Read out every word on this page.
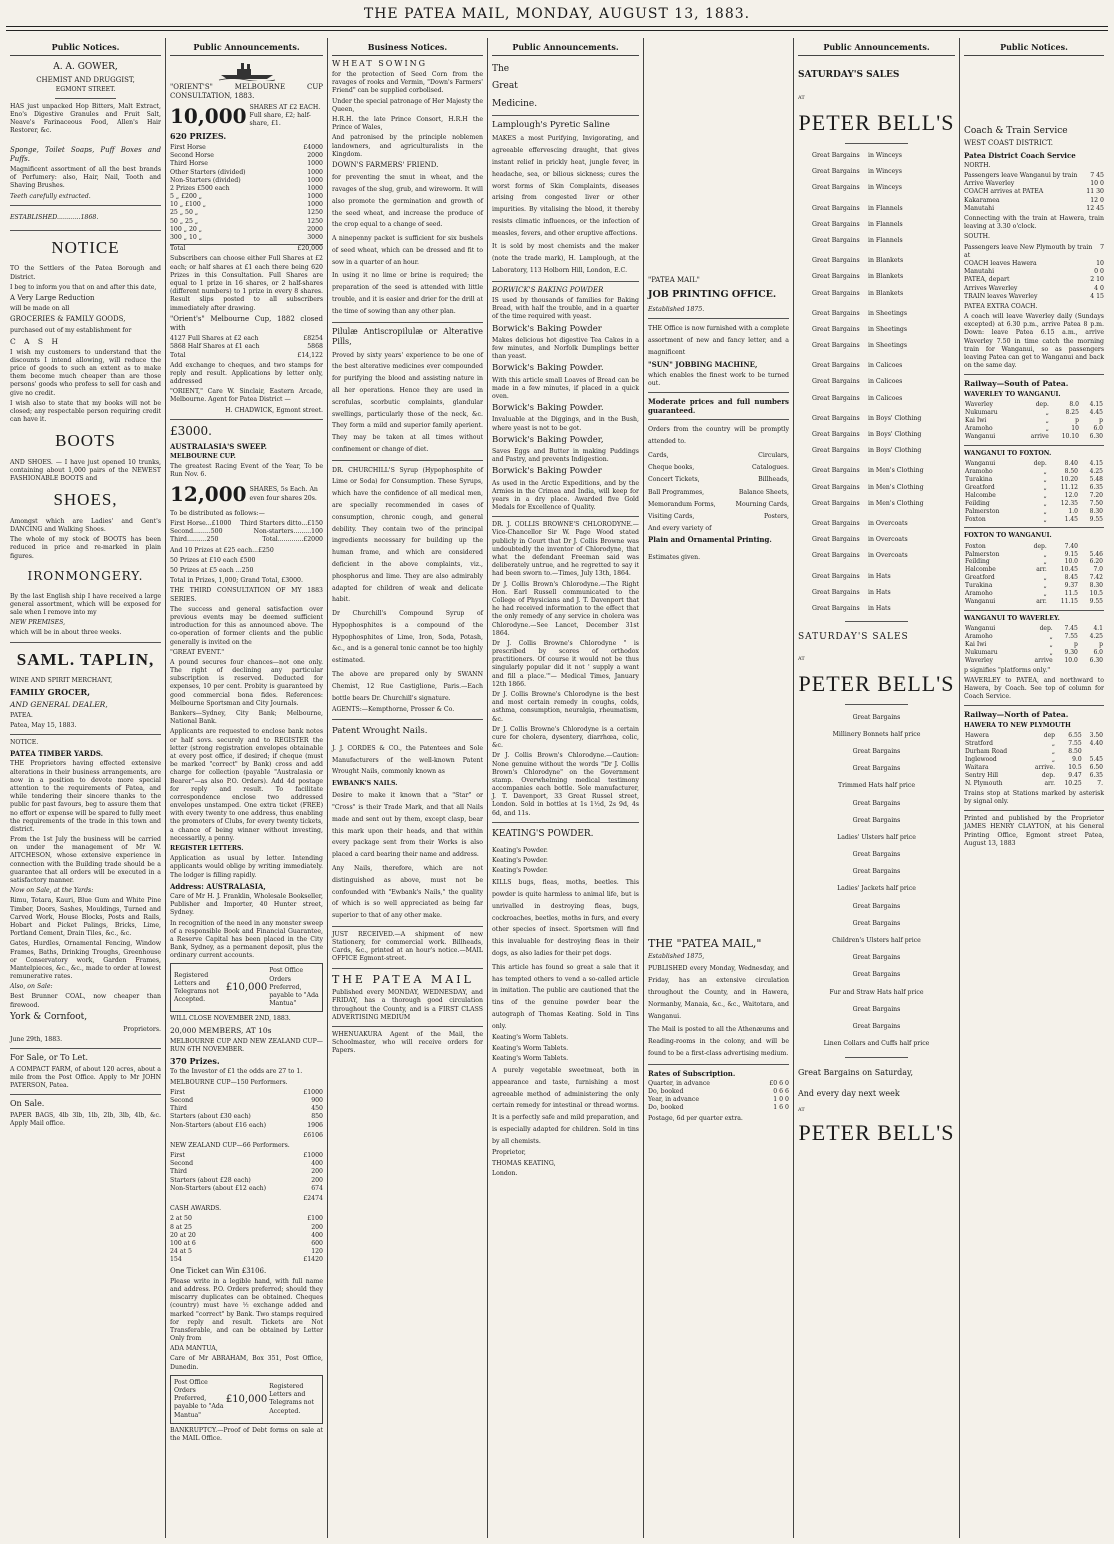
THE PATEA MAIL, MONDAY, AUGUST 13, 1883.
Public Notices.
A. A. GOWER,
CHEMIST AND DRUGGIST,
EGMONT STREET.

HAS just unpacked Hop Bitters, Malt Extract, Eno's Digestive Granules and Fruit Salt, Neave's Farinaceous Food, Allen's Hair Restorer, &c.

Sponge, Toilet Soaps, Puff Boxes and Puffs.

Magnificent assortment of all the best brands of Perfumery: also, Hair, Nail, Tooth and Shaving Brushes.

Teeth carefully extracted.

ESTABLISHED............1868.

NOTICE

TO the Settlers of the Patea Borough and District.

I beg to inform you that on and after this date,

A Very Large Reduction

will be made on all

GROCERIES & FAMILY GOODS,

purchased out of my establishment for

C A S H

I wish my customers to understand that the discounts I intend allowing, will reduce the price of goods to such an extent as to make them become much cheaper than are those persons' goods who profess to sell for cash and give no credit.

I wish also to state that my books will not be closed; any respectable person requiring credit can have it.

BOOTS

AND SHOES. — I have just opened 10 trunks, containing about 1,000 pairs of the NEWEST FASHIONABLE BOOTS and

SHOES,

Amongst which are Ladies' and Gent's DANCING and Walking Shoes.

The whole of my stock of BOOTS has been reduced in price and re-marked in plain figures.

IRONMONGERY.

By the last English ship I have received a large general assortment, which will be exposed for sale when I remove into my

NEW PREMISES,

which will be in about three weeks.

SAML. TAPLIN,

WINE AND SPIRIT MERCHANT,

FAMILY GROCER,

AND GENERAL DEALER,

PATEA.

Patea, May 15, 1883.

NOTICE.

PATEA TIMBER YARDS.

THE Proprietors having effected extensive alterations in their business arrangements, are now in a position to devote more special attention to the requirements of Patea, and while tendering their sincere thanks to the public for past favours, beg to assure them that no effort or expense will be spared to fully meet the requirements of the trade in this town and district.

From the 1st July the business will be carried on under the management of Mr W. AITCHESON, whose extensive experience in connection with the Building trade should be a guarantee that all orders will be executed in a satisfactory manner.

Now on Sale, at the Yards:

Rimu, Totara, Kauri, Blue Gum and White Pine Timber, Doors, Sashes, Mouldings, Turned and Carved Work, House Blocks, Posts and Rails, Hobart and Picket Palings, Bricks, Lime, Portland Cement, Drain Tiles, &c., &c.

Gates, Hurdles, Ornamental Fencing, Window Frames, Baths, Drinking Troughs, Greenhouse or Conservatory work, Garden Frames, Mantelpieces, &c., &c., made to order at lowest remunerative rates.

Also, on Sale:

Best Brunner COAL, now cheaper than firewood.

York & Cornfoot,

Proprietors.

June 29th, 1883.

For Sale, or To Let.

A COMPACT FARM, of about 120 acres, about a mile from the Post Office. Apply to Mr JOHN PATERSON, Patea.

On Sale.

PAPER BAGS, 4lb 3lb, 1lb, 2lb, 3lb, 4lb, &c. Apply Mail office.

Public Announcements.

"ORIENT'S" MELBOURNE CUP CONSULTATION, 1883.

10,000 SHARES AT £2 EACH. Full share, £2; half-share, £1.

620 PRIZES.

First Horse	£4000
Second Horse	2000
Third Horse	1000
Other Starters (divided)	1000
Non-Starters (divided)	1000
2 Prizes £500 each	1000
5 „ £200 „	1000
10 „ £100 „	1000
25 „ 50 „	1250
50 „ 25 „	1250
100 „ 20 „	2000
300 „ 10 „	3000
Total	£20,000

Subscribers can choose either Full Shares at £2 each; or half shares at £1 each there being 620 Prizes in this Consultation. Full Shares are equal to 1 prize in 16 shares, or 2 half-shares (different numbers) to 1 prize in every 8 shares. Result slips posted to all subscribers immediately after drawing.

"Orient's" Melbourne Cup, 1882 closed with

4127 Full Shares at £2 each	£8254
5868 Half Shares at £1 each	5868
Total	£14,122

Add exchange to cheques, and two stamps for reply and result. Applications by letter only, addressed

"ORIENT," Care W. Sinclair, Eastern Arcade, Melbourne. Agent for Patea District —

H. CHADWICK, Egmont street.

£3000.

AUSTRALASIA'S SWEEP.

MELBOURNE CUP.

The greatest Racing Event of the Year, To be Run Nov. 6.

12,000 SHARES, 5s Each. An even four shares 20s.

To be distributed as follows:—

First Horse...£1000 Third Starters ditto...£150
Second.........500	Non-starters.........100
Third..........250	Total.............£2000

And 10 Prizes at £25 each...£250

50 Prizes at £10 each £500

50 Prizes at £5 each ...250

Total in Prizes, 1,000; Grand Total, £3000.

THE THIRD CONSULTATION OF MY 1883 SERIES.

The success and general satisfaction over previous events may be deemed sufficient introduction for this as announced above. The co-operation of former clients and the public generally is invited on the

"GREAT EVENT."

A pound secures four chances—not one only. The right of declining any particular subscription is reserved. Deducted for expenses, 10 per cent. Probity is guaranteed by good commercial bona fides. References: Melbourne Sportsman and City Journals.

Bankers—Sydney, City Bank; Melbourne, National Bank.

Applicants are requested to enclose bank notes or half sovs. securely and to REGISTER the letter (strong registration envelopes obtainable at every post office, if desired; if cheque (must be marked "correct" by Bank) cross and add charge for collection (payable "Australasia or Bearer"—as also P.O. Orders). Add 4d postage for reply and result. To facilitate correspondence enclose two addressed envelopes unstamped. One extra ticket (FREE) with every twenty to one address, thus enabling the promoters of Clubs, for every twenty tickets, a chance of being winner without investing, necessarily, a penny.

REGISTER LETTERS.

Application as usual by letter. Intending applicants would oblige by writing immediately. The lodger is filling rapidly.

Address: AUSTRALASIA,

Care of Mr H. J. Franklin, Wholesale Bookseller, Publisher and Importer, 40 Hunter street, Sydney.

In recognition of the need in any monster sweep of a responsible Book and Financial Guarantee, a Reserve Capital has been placed in the City Bank, Sydney, as a permanent deposit, plus the ordinary current accounts.

Registered Letters and Telegrams not Accepted.
£10,000
Post Office Orders Preferred, payable to "Ada Mantua"

WILL CLOSE NOVEMBER 2ND, 1883.

20,000 MEMBERS, AT 10s

MELBOURNE CUP AND NEW ZEALAND CUP—RUN 6TH NOVEMBER.

370 Prizes.

To the Investor of £1 the odds are 27 to 1.

MELBOURNE CUP—150 Performers.

First	£1000
Second	900
Third	450
Starters (about £30 each)	850
Non-Starters (about £16 each)	1906

£6106

NEW ZEALAND CUP—66 Performers.

First	£1000
Second	400
Third	200
Starters (about £28 each)	200
Non-Starters (about £12 each)	674

£2474

CASH AWARDS.

2 at 50	£100
8 at 25	200
20 at 20	400
100 at 6	600
24 at 5	120
154	£1420

One Ticket can Win £3106.

Please write in a legible hand, with full name and address. P.O. Orders preferred; should they miscarry duplicates can be obtained. Cheques (country) must have ½ exchange added and marked "correct" by Bank. Two stamps required for reply and result. Tickets are Not Transferable, and can be obtained by Letter Only from

ADA MANTUA,

Care of Mr ABRAHAM, Box 351, Post Office, Dunedin.

Post Office Orders Preferred, payable to "Ada Mantua"
£10,000
Registered Letters and Telegrams not Accepted.

BANKRUPTCY.—Proof of Debt forms on sale at the MAIL Office.

Business Notices.

WHEAT SOWING

for the protection of Seed Corn from the ravages of rooks and Vermin, "Down's Farmers' Friend" can be supplied corbolised.

Under the special patronage of Her Majesty the Queen,

H.R.H. the late Prince Consort, H.R.H the Prince of Wales,

And patronised by the principle noblemen landowners, and agriculturalists in the Kingdom.

DOWN'S FARMERS' FRIEND.

for preventing the smut in wheat, and the ravages of the slug, grub, and wireworm. It will also promote the germination and growth of the seed wheat, and increase the produce of the crop equal to a change of seed.

A ninepenny packet is sufficient for six bushels of seed wheat, which can be dressed and fit to sow in a quarter of an hour.

In using it no lime or brine is required; the preparation of the seed is attended with little trouble, and it is easier and drier for the drill at the time of sowing than any other plan.

Pilulæ Antiscropilulæ or Alterative Pills,

Proved by sixty years' experience to be one of the best alterative medicines ever compounded for purifying the blood and assisting nature in all her operations. Hence they are used in scrofulas, scorbutic complaints, glandular swellings, particularly those of the neck, &c. They form a mild and superior family aperient. They may be taken at all times without confinement or change of diet.

DR. CHURCHILL'S Syrup (Hypophosphite of Lime or Soda) for Consumption. These Syrups, which have the confidence of all medical men, are specially recommended in cases of consumption, chronic cough, and general debility. They contain two of the principal ingredients necessary for building up the human frame, and which are considered deficient in the above complaints, viz., phosphorus and lime. They are also admirably adapted for children of weak and delicate habit.

Dr Churchill's Compound Syrup of Hypophosphites is a compound of the Hypophosphites of Lime, Iron, Soda, Potash, &c., and is a general tonic cannot be too highly estimated.

The above are prepared only by SWANN Chemist, 12 Rue Castiglione, Paris.—Each bottle bears Dr. Churchill's signature.

AGENTS:—Kempthorne, Prosser & Co.

Patent Wrought Nails.

J. J. CORDES & CO., the Patentees and Sole Manufacturers of the well-known Patent Wrought Nails, commonly known as

EWBANK'S NAILS.

Desire to make it known that a "Star" or "Cross" is their Trade Mark, and that all Nails made and sent out by them, except clasp, bear this mark upon their heads, and that within every package sent from their Works is also placed a card bearing their name and address.

Any Nails, therefore, which are not distinguished as above, must not be confounded with "Ewbank's Nails," the quality of which is so well appreciated as being far superior to that of any other make.

JUST RECEIVED.—A shipment of new Stationery, for commercial work. Billheads, Cards, &c., printed at an hour's notice.—MAIL OFFICE Egmont-street.

THE PATEA MAIL

Published every MONDAY, WEDNESDAY, and FRIDAY, has a thorough good circulation throughout the County, and is a FIRST CLASS ADVERTISING MEDIUM

WHENUAKURA Agent of the Mail, the Schoolmaster, who will receive orders for Papers.

Public Announcements.

The

Great

Medicine.

Lamplough's Pyretic Saline

MAKES a most Purifying, Invigorating, and agreeable effervescing draught, that gives instant relief in prickly heat, jungle fever, in headache, sea, or bilious sickness; cures the worst forms of Skin Complaints, diseases arising from congested liver or other impurities. By vitalising the blood, it thereby resists climatic influences, or the infection of measles, fevers, and other eruptive affections.

It is sold by most chemists and the maker (note the trade mark), H. Lamplough, at the Laboratory, 113 Holborn Hill, London, E.C.

BORWICK'S BAKING POWDER

IS used by thousands of families for Baking Bread, with half the trouble, and in a quarter of the time required with yeast.

Borwick's Baking Powder

Makes delicious hot digestive Tea Cakes in a few minutes, and Norfolk Dumplings better than yeast.

Borwick's Baking Powder.

With this article small Loaves of Bread can be made in a few minutes, if placed in a quick oven.

Borwick's Baking Powder.

Invaluable at the Diggings, and in the Bush, where yeast is not to be got.

Borwick's Baking Powder,

Saves Eggs and Butter in making Puddings and Pastry, and prevents Indigestion.

Borwick's Baking Powder

As used in the Arctic Expeditions, and by the Armies in the Crimea and India, will keep for years in a dry place. Awarded five Gold Medals for Excellence of Quality.

DR. J. COLLIS BROWNE'S CHLORODYNE.—Vice-Chancellor Sir W. Page Wood stated publicly in Court that Dr J. Collis Browne was undoubtedly the inventor of Chlorodyne, that what the defendant Freeman said was deliberately untrue, and he regretted to say it had been sworn to.—Times, July 13th, 1864.

Dr J. Collis Brown's Chlorodyne.—The Right Hon. Earl Russell communicated to the College of Physicians and J. T. Davenport that he had received information to the effect that the only remedy of any service in cholera was Chlorodyne.—See Lancet, December 31st 1864.

Dr J. Collis Browne's Chlorodyne " is prescribed by scores of orthodox practitioners. Of course it would not be thus singularly popular did it not ' supply a want and fill a place.'"— Medical Times, January 12th 1866.

Dr J. Collis Browne's Chlorodyne is the best and most certain remedy in coughs, colds, asthma, consumption, neuralgia, rheumatism, &c.

Dr J. Collis Browne's Chlorodyne is a certain cure for cholera, dysentery, diarrhœa, colic, &c.

Dr J. Collis Brown's Chlorodyne.—Caution: None genuine without the words "Dr J. Collis Brown's Chlorodyne" on the Government stamp. Overwhelming medical testimony accompanies each bottle. Sole manufacturer, J. T. Davenport, 33 Great Russel street, London. Sold in bottles at 1s 1½d, 2s 9d, 4s 6d, and 11s.

KEATING'S POWDER.

Keating's Powder.

Keating's Powder.

Keating's Powder.

KILLS bugs, fleas, moths, beetles. This powder is quite harmless to animal life, but is unrivalled in destroying fleas, bugs, cockroaches, beetles, moths in furs, and every other species of insect. Sportsmen will find this invaluable for destroying fleas in their dogs, as also ladies for their pet dogs.

This article has found so great a sale that it has tempted others to vend a so-called article in imitation. The public are cautioned that the tins of the genuine powder bear the autograph of Thomas Keating. Sold in Tins only.

Keating's Worm Tablets.

Keating's Worm Tablets.

Keating's Worm Tablets.

A purely vegetable sweetmeat, both in appearance and taste, furnishing a most agreeable method of administering the only certain remedy for intestinal or thread worms. It is a perfectly safe and mild preparation, and is especially adapted for children. Sold in tins by all chemists.

Proprietor,

THOMAS KEATING,

London.

"PATEA MAIL"

JOB PRINTING OFFICE.

Established 1875.

THE Office is now furnished with a complete assortment of new and fancy letter, and a magnificent

"SUN" JOBBING MACHINE,

which enables the finest work to be turned out.

Moderate prices and full numbers guaranteed.

Orders from the country will be promptly attended to.

Cards,	Circulars,
Cheque books,	Catalogues.
Concert Tickets,	Billheads,
Ball Programmes,	Balance Sheets,
Memorandum Forms,	Mourning Cards,
Visiting Cards,	Posters,

And every variety of

Plain and Ornamental Printing.

Estimates given.

THE "PATEA MAIL,"

Established 1875,

PUBLISHED every Monday, Wednesday, and Friday, has an extensive circulation throughout the County, and in Hawera, Normanby, Manaia, &c., &c., Waitotara, and Wanganui.

The Mail is posted to all the Athenæums and Reading-rooms in the colony, and will be found to be a first-class advertising medium.

Rates of Subscription.

Quarter, in advance	£0 6 0
Do, booked	0 6 6
Year, in advance	1 0 0
Do, booked	1 6 0

Postage, 6d per quarter extra.

Public Announcements.

SATURDAY'S SALES

AT

PETER BELL'S
Great Bargains	in Winceys
Great Bargains	in Winceys
Great Bargains	in Winceys
Great Bargains	in Flannels
Great Bargains	in Flannels
Great Bargains	in Flannels
Great Bargains	in Blankets
Great Bargains	in Blankets
Great Bargains	in Blankets
Great Bargains	in Sheetings
Great Bargains	in Sheetings
Great Bargains	in Sheetings
Great Bargains	in Calicoes
Great Bargains	in Calicoes
Great Bargains	in Calicoes
Great Bargains	in Boys' Clothing
Great Bargains	in Boys' Clothing
Great Bargains	in Boys' Clothing
Great Bargains	in Men's Clothing
Great Bargains	in Men's Clothing
Great Bargains	in Men's Clothing
Great Bargains	in Overcoats
Great Bargains	in Overcoats
Great Bargains	in Overcoats
Great Bargains	in Hats
Great Bargains	in Hats
Great Bargains	in Hats

SATURDAY'S SALES

AT

PETER BELL'S
Great Bargains
Millinery Bonnets half price
Great Bargains
Great Bargains
Trimmed Hats half price
Great Bargains
Great Bargains
Ladies' Ulsters half price
Great Bargains
Great Bargains
Ladies' Jackets half price
Great Bargains
Great Bargains
Children's Ulsters half price
Great Bargains
Great Bargains
Fur and Straw Hats half price
Great Bargains
Great Bargains
Linen Collars and Cuffs half price

Great Bargains on Saturday,

And every day next week

AT

PETER BELL'S
Public Notices.

Coach & Train Service

WEST COAST DISTRICT.

Patea District Coach Service

NORTH.

Passengers leave Wanganui by train 7 45
Arrive Waverley	10 0
COACH arrives at PATEA	11 30
Kakaramea	12 0
Manutahi	12 45

Connecting with the train at Hawera, train leaving at 3.30 o'clock.

SOUTH.

Passengers leave New Plymouth by train at
7
COACH leaves Hawera	10
Manutahi	0 0
PATEA, depart	2 10
Arrives Waverley	4 0
TRAIN leaves Waverley	4 15

PATEA EXTRA COACH.

A coach will leave Waverley daily (Sundays excepted) at 6.30 p.m., arrive Patea 8 p.m. Down: leave Patea 6.15 a.m., arrive Waverley 7.50 in time catch the morning train for Wanganui, so as passengers leaving Patea can get to Wanganui and back on the same day.

Railway—South of Patea.

WAVERLEY TO WANGANUI.

Waverley	dep.	8.0	4.15
Nukumaru	„	8.25	4.45
Kai Iwi	„	p	p
Aramoho	„	10	6.0
Wanganui	arrive	10.10	6.30

WANGANUI TO FOXTON.

Wanganui	dep.	8.40	4.15
Aramoho	„	8.50	4.25
Turakina	„	10.20	5.48
Greatford	„	11.12	6.35
Halcombe	„	12.0	7.20
Feilding	„	12.35	7.50
Palmerston	„	1.0	8.30
Foxton	„	1.45	9.55

FOXTON TO WANGANUI.

Foxton	dep.	7.40	
Palmerston	„	9.15	5.46
Feilding	„	10.0	6.20
Halcombe	arr.	10.45	7.0
Greatford	„	8.45	7.42
Turakina	„	9.37	8.30
Aramoho	„	11.5	10.5
Wanganui	arr.	11.15	9.55

WANGANUI TO WAVERLEY.

Wanganui	dep.	7.45	4.1
Aramoho	„	7.55	4.25
Kai Iwi	„	p	p
Nukumaru	„	9.30	6.0
Waverley	arrive	10.0	6.30

p signifies "platforms only."

WAVERLEY to PATEA, and northward to Hawera, by Coach. See top of column for Coach Service.

Railway—North of Patea.

HAWERA TO NEW PLYMOUTH

Hawera	dep	6.55	3.50
Stratford	„	7.55	4.40
Durham Road	„	8.50	
Inglewood	„	9.0	5.45
Waitara	arrive.	10.5	6.50
Sentry Hill	dep.	9.47	6.35
N. Plymouth	arr.	10.25	7.

Trains stop at Stations marked by asterisk by signal only.

Printed and published by the Proprietor JAMES HENRY CLAYTON, at his General Printing Office, Egmont street Patea, August 13, 1883
